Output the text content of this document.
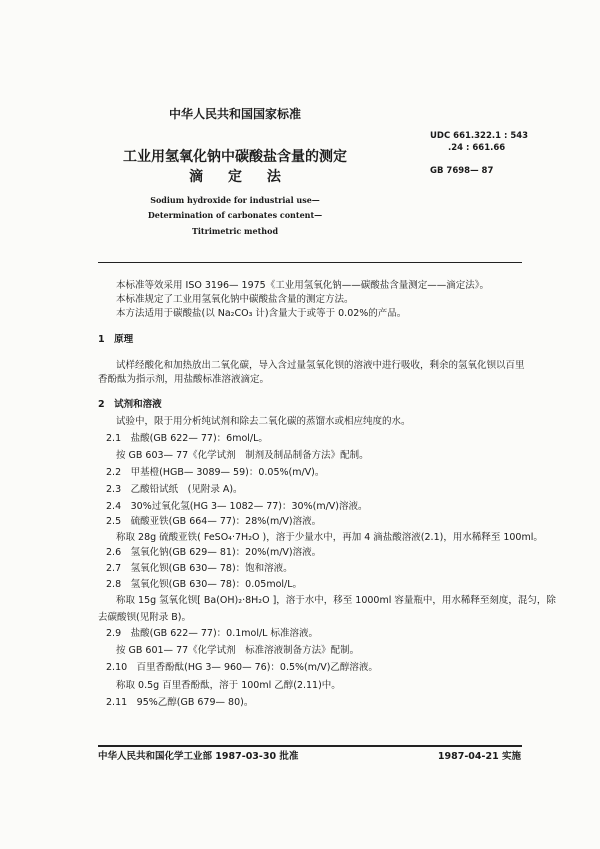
中华人民共和国国家标准
工业用氢氧化钠中碳酸盐含量的测定
滴 定 法
Sodium hydroxide for industrial use—
Determination of carbonates content—
Titrimetric method
UDC 661.322.1 : 543
.24 : 661.66
GB 7698— 87
本标准等效采用 ISO 3196— 1975《工业用氢氧化钠——碳酸盐含量测定——滴定法》。
本标准规定了工业用氢氧化钠中碳酸盐含量的测定方法。
本方法适用于碳酸盐(以 Na₂CO₃ 计)含量大于或等于 0.02%的产品。
1　原理
试样经酸化和加热放出二氧化碳，导入含过量氢氧化钡的溶液中进行吸收，剩余的氢氧化钡以百里
香酚酞为指示剂，用盐酸标准溶液滴定。
2　试剂和溶液
试验中，限于用分析纯试剂和除去二氧化碳的蒸馏水或相应纯度的水。
2.1　盐酸(GB 622— 77)：6mol/L。
按 GB 603— 77《化学试剂　制剂及制品制备方法》配制。
2.2　甲基橙(HGB— 3089— 59)：0.05%(m/V)。
2.3　乙酸铅试纸　(见附录 A)。
2.4　30%过氧化氢(HG 3— 1082— 77)：30%(m/V)溶液。
2.5　硫酸亚铁(GB 664— 77)：28%(m/V)溶液。
称取 28g 硫酸亚铁( FeSO₄·7H₂O )，溶于少量水中，再加 4 滴盐酸溶液(2.1)，用水稀释至 100ml。
2.6　氢氧化钠(GB 629— 81)：20%(m/V)溶液。
2.7　氢氧化钡(GB 630— 78)：饱和溶液。
2.8　氢氧化钡(GB 630— 78)：0.05mol/L。
称取 15g 氢氧化钡[ Ba(OH)₂·8H₂O ]，溶于水中，移至 1000ml 容量瓶中，用水稀释至刻度，混匀，除
去碳酸钡(见附录 B)。
2.9　盐酸(GB 622— 77)：0.1mol/L 标准溶液。
按 GB 601— 77《化学试剂　标准溶液制备方法》配制。
2.10　百里香酚酞(HG 3— 960— 76)：0.5%(m/V)乙醇溶液。
称取 0.5g 百里香酚酞，溶于 100ml 乙醇(2.11)中。
2.11　95%乙醇(GB 679— 80)。
中华人民共和国化学工业部 1987-03-30 批准	1987-04-21 实施
